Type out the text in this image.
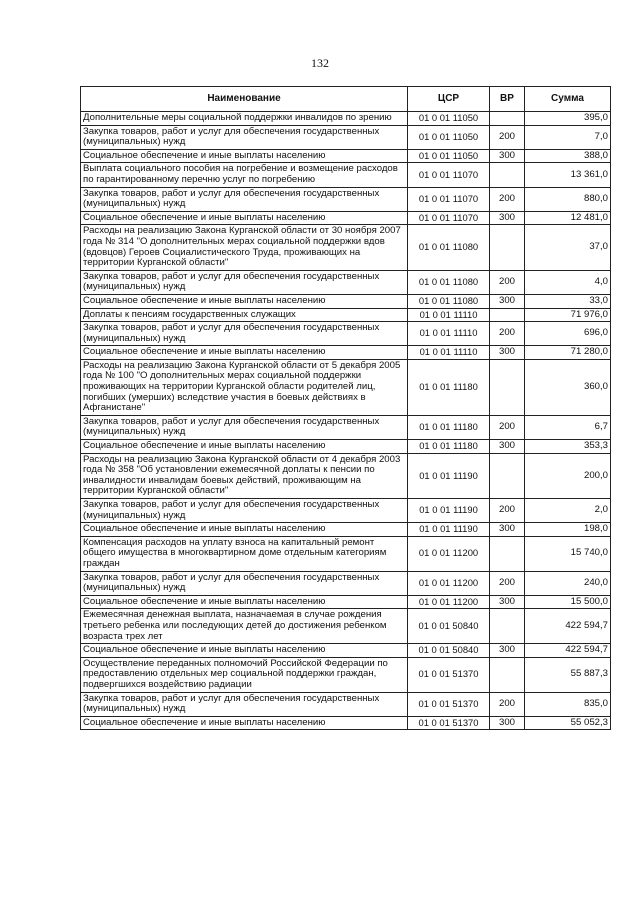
132
Наименование	ЦСР	ВР	Сумма
Дополнительные меры социальной поддержки инвалидов по зрению	01 0 01 11050		395,0
Закупка товаров, работ и услуг для обеспечения государственных (муниципальных) нужд	01 0 01 11050	200	7,0
Социальное обеспечение и иные выплаты населению	01 0 01 11050	300	388,0
Выплата социального пособия на погребение и возмещение расходов по гарантированному перечню услуг по погребению	01 0 01 11070		13 361,0
Закупка товаров, работ и услуг для обеспечения государственных (муниципальных) нужд	01 0 01 11070	200	880,0
Социальное обеспечение и иные выплаты населению	01 0 01 11070	300	12 481,0
Расходы на реализацию Закона Курганской области от 30 ноября 2007 года № 314 "О дополнительных мерах социальной поддержки вдов (вдовцов) Героев Социалистического Труда, проживающих на территории Курганской области"	01 0 01 11080		37,0
Закупка товаров, работ и услуг для обеспечения государственных (муниципальных) нужд	01 0 01 11080	200	4,0
Социальное обеспечение и иные выплаты населению	01 0 01 11080	300	33,0
Доплаты к пенсиям государственных служащих	01 0 01 11110		71 976,0
Закупка товаров, работ и услуг для обеспечения государственных (муниципальных) нужд	01 0 01 11110	200	696,0
Социальное обеспечение и иные выплаты населению	01 0 01 11110	300	71 280,0
Расходы на реализацию Закона Курганской области от 5 декабря 2005 года № 100 "О дополнительных мерах социальной поддержки проживающих на территории Курганской области родителей лиц, погибших (умерших) вследствие участия в боевых действиях в Афганистане"	01 0 01 11180		360,0
Закупка товаров, работ и услуг для обеспечения государственных (муниципальных) нужд	01 0 01 11180	200	6,7
Социальное обеспечение и иные выплаты населению	01 0 01 11180	300	353,3
Расходы на реализацию Закона Курганской области от 4 декабря 2003 года № 358 "Об установлении ежемесячной доплаты к пенсии по инвалидности инвалидам боевых действий, проживающим на территории Курганской области"	01 0 01 11190		200,0
Закупка товаров, работ и услуг для обеспечения государственных (муниципальных) нужд	01 0 01 11190	200	2,0
Социальное обеспечение и иные выплаты населению	01 0 01 11190	300	198,0
Компенсация расходов на уплату взноса на капитальный ремонт общего имущества в многоквартирном доме отдельным категориям граждан	01 0 01 11200		15 740,0
Закупка товаров, работ и услуг для обеспечения государственных (муниципальных) нужд	01 0 01 11200	200	240,0
Социальное обеспечение и иные выплаты населению	01 0 01 11200	300	15 500,0
Ежемесячная денежная выплата, назначаемая в случае рождения третьего ребенка или последующих детей до достижения ребенком возраста трех лет	01 0 01 50840		422 594,7
Социальное обеспечение и иные выплаты населению	01 0 01 50840	300	422 594,7
Осуществление переданных полномочий Российской Федерации по предоставлению отдельных мер социальной поддержки граждан, подвергшихся воздействию радиации	01 0 01 51370		55 887,3
Закупка товаров, работ и услуг для обеспечения государственных (муниципальных) нужд	01 0 01 51370	200	835,0
Социальное обеспечение и иные выплаты населению	01 0 01 51370	300	55 052,3
